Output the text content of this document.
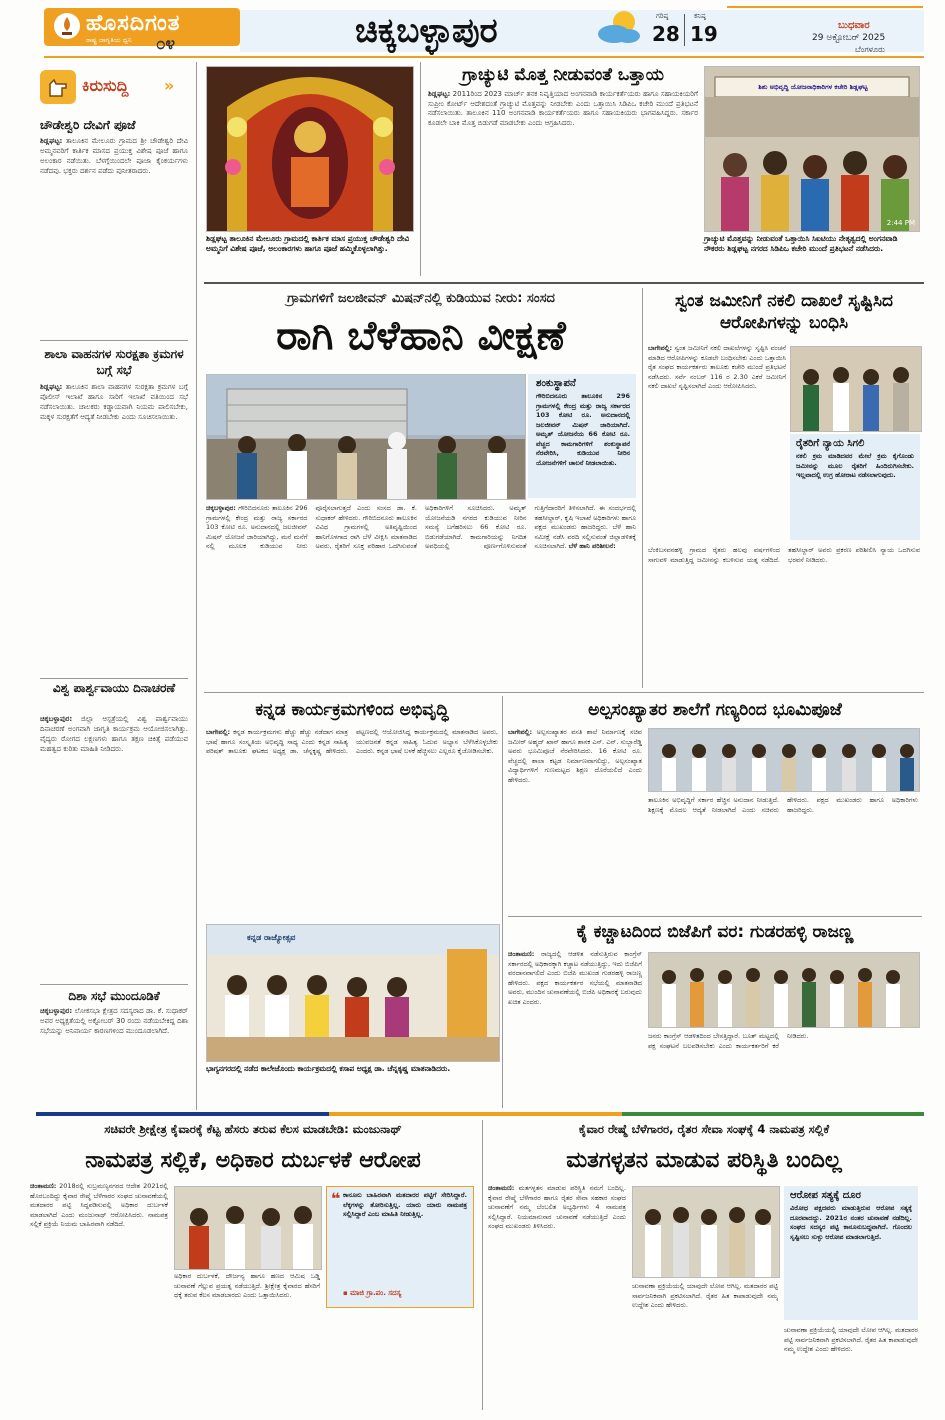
ಹೊಸದಿಗಂತ
ರಾಷ್ಟ್ರ ಜಾಗೃತಿಯ ಧ್ವನಿ ೦೪	ಚಿಕ್ಕಬಳ್ಳಾಪುರ	ಗರಿಷ್ಠ
28
ಕನಿಷ್ಠ
19	ಬುಧವಾರ
29 ಅಕ್ಟೋಬರ್ 2025
ಬೆಂಗಳೂರು
ಕಿರುಸುದ್ದಿ »
ಚೌಡೇಶ್ವರಿ ದೇವಿಗೆ ಪೂಜೆ
ಶಿಡ್ಲಘಟ್ಟ: ತಾಲೂಕಿನ ಮೇಲೂರು ಗ್ರಾಮದ ಶ್ರೀ ಚೌಡೇಶ್ವರಿ ದೇವಿ ಅಮ್ಮನವರಿಗೆ ಕಾರ್ತಿಕ ಮಾಸದ ಪ್ರಯುಕ್ತ ವಿಶೇಷ ಪೂಜೆ ಹಾಗೂ ಅಲಂಕಾರ ನಡೆಯಿತು. ಬೆಳಗ್ಗೆಯಿಂದಲೇ ಪೂಜಾ ಕೈಂಕರ್ಯಗಳು ನಡೆದವು. ಭಕ್ತರು ದರ್ಶನ ಪಡೆದು ಪುನೀತರಾದರು.
ಶಾಲಾ ವಾಹನಗಳ ಸುರಕ್ಷತಾ ಕ್ರಮಗಳ ಬಗ್ಗೆ ಸಭೆ
ಶಿಡ್ಲಘಟ್ಟ: ತಾಲೂಕಿನ ಶಾಲಾ ವಾಹನಗಳ ಸುರಕ್ಷತಾ ಕ್ರಮಗಳ ಬಗ್ಗೆ ಪೊಲೀಸ್ ಇಲಾಖೆ ಹಾಗೂ ಸಾರಿಗೆ ಇಲಾಖೆ ವತಿಯಿಂದ ಸಭೆ ನಡೆಸಲಾಯಿತು. ಚಾಲಕರು ಕಡ್ಡಾಯವಾಗಿ ನಿಯಮ ಪಾಲಿಸಬೇಕು, ಮಕ್ಕಳ ಸುರಕ್ಷತೆಗೆ ಆದ್ಯತೆ ನೀಡಬೇಕು ಎಂದು ಸೂಚಿಸಲಾಯಿತು.
ವಿಶ್ವ ಪಾರ್ಶ್ವವಾಯು ದಿನಾಚರಣೆ
ಚಿಕ್ಕಬಳ್ಳಾಪುರ: ಜಿಲ್ಲಾ ಆಸ್ಪತ್ರೆಯಲ್ಲಿ ವಿಶ್ವ ಪಾರ್ಶ್ವವಾಯು ದಿನಾಚರಣೆ ಅಂಗವಾಗಿ ಜಾಗೃತಿ ಕಾರ್ಯಕ್ರಮ ಆಯೋಜಿಸಲಾಗಿತ್ತು. ವೈದ್ಯರು ರೋಗದ ಲಕ್ಷಣಗಳು ಹಾಗೂ ತಕ್ಷಣ ಚಿಕಿತ್ಸೆ ಪಡೆಯುವ ಮಹತ್ವದ ಕುರಿತು ಮಾಹಿತಿ ನೀಡಿದರು.
ದಿಶಾ ಸಭೆ ಮುಂದೂಡಿಕೆ
ಚಿಕ್ಕಬಳ್ಳಾಪುರ: ಲೋಕಸಭಾ ಕ್ಷೇತ್ರದ ಸದಸ್ಯರಾದ ಡಾ. ಕೆ. ಸುಧಾಕರ್ ಅವರ ಅಧ್ಯಕ್ಷತೆಯಲ್ಲಿ ಅಕ್ಟೋಬರ್ 30 ರಂದು ನಡೆಯಬೇಕಿದ್ದ ದಿಶಾ ಸಭೆಯನ್ನು ಅನಿವಾರ್ಯ ಕಾರಣಗಳಿಂದ ಮುಂದೂಡಲಾಗಿದೆ.
ಶಿಡ್ಲಘಟ್ಟ ತಾಲೂಕಿನ ಮೇಲೂರು ಗ್ರಾಮದಲ್ಲಿ ಕಾರ್ತಿಕ ಮಾಸ ಪ್ರಯುಕ್ತ ಚೌಡೇಶ್ವರಿ ದೇವಿ ಅಮ್ಮನಿಗೆ ವಿಶೇಷ ಪೂಜೆ, ಅಲಂಕಾರಗಳು ಹಾಗೂ ಪೂಜೆ ಹಮ್ಮಿಕೊಳ್ಳಲಾಗಿತ್ತು.
ಗ್ರಾಚ್ಯುಟಿ ಮೊತ್ತ ನೀಡುವಂತೆ ಒತ್ತಾಯ
ಶಿಡ್ಲಘಟ್ಟ: 2011ರಿಂದ 2023 ಮಾರ್ಚ್ ತನಕ ನಿವೃತ್ತಿಯಾದ ಅಂಗನವಾಡಿ ಕಾರ್ಯಕರ್ತೆಯರು ಹಾಗೂ ಸಹಾಯಕಿಯರಿಗೆ ಸುಪ್ರೀಂ ಕೋರ್ಟ್ ಆದೇಶದಂತೆ ಗ್ರಾಚ್ಯುಟಿ ಮೊತ್ತವನ್ನು ನೀಡಬೇಕು ಎಂದು ಒತ್ತಾಯಿಸಿ ಸಿಡಿಪಿಒ ಕಚೇರಿ ಮುಂದೆ ಪ್ರತಿಭಟನೆ ನಡೆಸಲಾಯಿತು. ತಾಲೂಕಿನ 110 ಅಂಗನವಾಡಿ ಕಾರ್ಯಕರ್ತೆಯರು ಹಾಗೂ ಸಹಾಯಕಿಯರು ಭಾಗವಹಿಸಿದ್ದರು. ಸರ್ಕಾರ ಕೂಡಲೇ ಬಾಕಿ ಮೊತ್ತ ಬಿಡುಗಡೆ ಮಾಡಬೇಕು ಎಂದು ಆಗ್ರಹಿಸಿದರು.
ಶಿಶು ಅಭಿವೃದ್ಧಿ ಯೋಜನಾಧಿಕಾರಿಗಳ ಕಚೇರಿ ಶಿಡ್ಲಘಟ್ಟ
2:44 PM
ಗ್ರಾಚ್ಯುಟಿ ಮೊತ್ತವನ್ನು ನೀಡುವಂತೆ ಒತ್ತಾಯಿಸಿ ಸಿಐಟಿಯು ನೇತೃತ್ವದಲ್ಲಿ ಅಂಗನವಾಡಿ ನೌಕರರು ಶಿಡ್ಲಘಟ್ಟ ನಗರದ ಸಿಡಿಪಿಒ ಕಚೇರಿ ಮುಂದೆ ಪ್ರತಿಭಟನೆ ನಡೆಸಿದರು.
ಗ್ರಾಮಗಳಿಗೆ ಜಲಜೀವನ್ ಮಿಷನ್‌ನಲ್ಲಿ ಕುಡಿಯುವ ನೀರು: ಸಂಸದ
ರಾಗಿ ಬೆಳೆಹಾನಿ ವೀಕ್ಷಣೆ
ಶಂಕುಸ್ಥಾಪನೆ
ಗೌರಿಬಿದನೂರು ತಾಲೂಕಿನ 296 ಗ್ರಾಮಗಳಲ್ಲಿ ಕೇಂದ್ರ ಮತ್ತು ರಾಜ್ಯ ಸರ್ಕಾರದ 103 ಕೋಟಿ ರೂ. ಅನುದಾನದಲ್ಲಿ ಜಲಜೀವನ್ ಮಿಷನ್ ಜಾರಿಯಾಗಿದೆ. ಅಮೃತ್ ಯೋಜನೆಯ 66 ಕೋಟಿ ರೂ. ವೆಚ್ಚದ ಕಾಮಗಾರಿಗಳಿಗೆ ಶಂಕುಸ್ಥಾಪನೆ ನೆರವೇರಿಸಿ, ಕುಡಿಯುವ ನೀರಿನ ಯೋಜನೆಗಳಿಗೆ ಚಾಲನೆ ನೀಡಲಾಯಿತು.
ಚಿಕ್ಕಬಳ್ಳಾಪುರ: ಗೌರಿಬಿದನೂರು ತಾಲೂಕಿನ 296 ಗ್ರಾಮಗಳಲ್ಲಿ ಕೇಂದ್ರ ಮತ್ತು ರಾಜ್ಯ ಸರ್ಕಾರದ 103 ಕೋಟಿ ರೂ. ಅನುದಾನದಲ್ಲಿ ಜಲಜೀವನ್ ಮಿಷನ್ ಯೋಜನೆ ಜಾರಿಯಾಗಿದ್ದು, ಮನೆ ಮನೆಗೆ ನಲ್ಲಿ ಮೂಲಕ ಕುಡಿಯುವ ನೀರು ಪೂರೈಸಲಾಗುತ್ತದೆ ಎಂದು ಸಂಸದ ಡಾ. ಕೆ. ಸುಧಾಕರ್ ಹೇಳಿದರು. ಗೌರಿಬಿದನೂರು ತಾಲೂಕಿನ ವಿವಿಧ ಗ್ರಾಮಗಳಲ್ಲಿ ಅತಿವೃಷ್ಟಿಯಿಂದ ಹಾನಿಗೊಳಗಾದ ರಾಗಿ ಬೆಳೆ ವೀಕ್ಷಿಸಿ ಮಾತನಾಡಿದ ಅವರು, ರೈತರಿಗೆ ಸೂಕ್ತ ಪರಿಹಾರ ಒದಗಿಸುವಂತೆ ಅಧಿಕಾರಿಗಳಿಗೆ ಸೂಚಿಸಿದರು. ಅಮೃತ್ ಯೋಜನೆಯಡಿ ನಗರದ ಕುಡಿಯುವ ನೀರಿನ ಸಮಸ್ಯೆ ಬಗೆಹರಿಸಲು 66 ಕೋಟಿ ರೂ. ಬಿಡುಗಡೆಯಾಗಿದೆ. ಕಾಮಗಾರಿಯನ್ನು ನಿಗದಿತ ಅವಧಿಯಲ್ಲಿ ಪೂರ್ಣಗೊಳಿಸುವಂತೆ ಗುತ್ತಿಗೆದಾರರಿಗೆ ತಿಳಿಸಲಾಗಿದೆ. ಈ ಸಂದರ್ಭದಲ್ಲಿ ತಹಸೀಲ್ದಾರ್, ಕೃಷಿ ಇಲಾಖೆ ಅಧಿಕಾರಿಗಳು ಹಾಗೂ ಪಕ್ಷದ ಮುಖಂಡರು ಹಾಜರಿದ್ದರು. ಬೆಳೆ ಹಾನಿ ಸಮೀಕ್ಷೆ ನಡೆಸಿ ವರದಿ ಸಲ್ಲಿಸುವಂತೆ ಜಿಲ್ಲಾಡಳಿತಕ್ಕೆ ಸೂಚಿಸಲಾಗಿದೆ. ಬೆಳೆ ಹಾನಿ ಪರಿಶೀಲನೆ:
ಸ್ವಂತ ಜಮೀನಿಗೆ ನಕಲಿ ದಾಖಲೆ ಸೃಷ್ಟಿಸಿದ ಆರೋಪಿಗಳನ್ನು ಬಂಧಿಸಿ
ಬಾಗೇಪಲ್ಲಿ: ಸ್ವಂತ ಜಮೀನಿಗೆ ನಕಲಿ ದಾಖಲೆಗಳನ್ನು ಸೃಷ್ಟಿಸಿ ವಂಚನೆ ಮಾಡಿದ ಆರೋಪಿಗಳನ್ನು ಕೂಡಲೇ ಬಂಧಿಸಬೇಕು ಎಂದು ಒತ್ತಾಯಿಸಿ ರೈತ ಸಂಘದ ಕಾರ್ಯಕರ್ತರು ತಾಲೂಕು ಕಚೇರಿ ಮುಂದೆ ಪ್ರತಿಭಟನೆ ನಡೆಸಿದರು. ಸರ್ವೆ ನಂಬರ್ 116 ರ 2.30 ಎಕರೆ ಜಮೀನಿಗೆ ನಕಲಿ ದಾಖಲೆ ಸೃಷ್ಟಿಸಲಾಗಿದೆ ಎಂದು ಆರೋಪಿಸಿದರು.
ರೈತರಿಗೆ ನ್ಯಾಯ ಸಿಗಲಿ
ನಕಲಿ ಕ್ರಮ ಮಾಡಿದವರ ಮೇಲೆ ಕ್ರಮ ಕೈಗೊಂಡು ಜಮೀನನ್ನು ಮೂಲ ರೈತರಿಗೆ ಹಿಂದಿರುಗಿಸಬೇಕು. ಇಲ್ಲವಾದಲ್ಲಿ ಉಗ್ರ ಹೋರಾಟ ನಡೆಸಲಾಗುವುದು.
ಬೆಂಕಿಬಸವನಹಳ್ಳಿ ಗ್ರಾಮದ ರೈತರು ಹಲವು ವರ್ಷಗಳಿಂದ ಸಾಗುವಳಿ ಮಾಡುತ್ತಿದ್ದ ಜಮೀನನ್ನು ಕಬಳಿಸುವ ಯತ್ನ ನಡೆದಿದೆ. ತಹಸೀಲ್ದಾರ್ ಅವರು ಪ್ರಕರಣ ಪರಿಶೀಲಿಸಿ ನ್ಯಾಯ ಒದಗಿಸುವ ಭರವಸೆ ನೀಡಿದರು.
ಕನ್ನಡ ಕಾರ್ಯಕ್ರಮಗಳಿಂದ ಅಭಿವೃದ್ಧಿ
ಬಾಗೇಪಲ್ಲಿ: ಕನ್ನಡ ಕಾರ್ಯಕ್ರಮಗಳು ಹೆಚ್ಚು ಹೆಚ್ಚು ನಡೆದಾಗ ಮಾತ್ರ ಭಾಷೆ ಹಾಗೂ ಸಂಸ್ಕೃತಿಯ ಅಭಿವೃದ್ಧಿ ಸಾಧ್ಯ ಎಂದು ಕನ್ನಡ ಸಾಹಿತ್ಯ ಪರಿಷತ್ ತಾಲೂಕು ಘಟಕದ ಅಧ್ಯಕ್ಷ ಡಾ. ಚೆನ್ನಕೃಷ್ಣ ಹೇಳಿದರು. ಪಟ್ಟಣದಲ್ಲಿ ಆಯೋಜಿಸಿದ್ದ ಕಾರ್ಯಕ್ರಮದಲ್ಲಿ ಮಾತನಾಡಿದ ಅವರು, ಯುವಜನತೆ ಕನ್ನಡ ಸಾಹಿತ್ಯ ಓದುವ ಅಭ್ಯಾಸ ಬೆಳೆಸಿಕೊಳ್ಳಬೇಕು ಎಂದರು. ಕನ್ನಡ ಭಾಷೆ ಬಳಕೆ ಹೆಚ್ಚಿಸಲು ಎಲ್ಲರೂ ಕೈಜೋಡಿಸಬೇಕು.
ಕನ್ನಡ ರಾಜ್ಯೋತ್ಸವ
ಭಾಗ್ಯನಗರದಲ್ಲಿ ನಡೆದ ಕಾಲೇಜೊಂದು ಕಾರ್ಯಕ್ರಮದಲ್ಲಿ ಕಸಾಪ ಅಧ್ಯಕ್ಷ ಡಾ. ಚೆನ್ನಕೃಷ್ಣ ಮಾತನಾಡಿದರು.
ಅಲ್ಪಸಂಖ್ಯಾತರ ಶಾಲೆಗೆ ಗಣ್ಯರಿಂದ ಭೂಮಿಪೂಜೆ
ಬಾಗೇಪಲ್ಲಿ: ಅಲ್ಪಸಂಖ್ಯಾತರ ವಸತಿ ಶಾಲೆ ನಿರ್ಮಾಣಕ್ಕೆ ಸಚಿವ ಜಮೀರ್ ಅಹ್ಮದ್ ಖಾನ್ ಹಾಗೂ ಶಾಸಕ ಎಸ್. ಎನ್. ಸುಬ್ಬಾರೆಡ್ಡಿ ಅವರು ಭೂಮಿಪೂಜೆ ನೆರವೇರಿಸಿದರು. 16 ಕೋಟಿ ರೂ. ವೆಚ್ಚದಲ್ಲಿ ಶಾಲಾ ಕಟ್ಟಡ ನಿರ್ಮಾಣವಾಗಲಿದ್ದು, ಅಲ್ಪಸಂಖ್ಯಾತ ವಿದ್ಯಾರ್ಥಿಗಳಿಗೆ ಗುಣಮಟ್ಟದ ಶಿಕ್ಷಣ ದೊರೆಯಲಿದೆ ಎಂದು ಹೇಳಿದರು.
ತಾಲೂಕಿನ ಅಭಿವೃದ್ಧಿಗೆ ಸರ್ಕಾರ ಹೆಚ್ಚಿನ ಅನುದಾನ ನೀಡುತ್ತಿದೆ. ಶಿಕ್ಷಣಕ್ಕೆ ಮೊದಲ ಆದ್ಯತೆ ನೀಡಲಾಗಿದೆ ಎಂದು ಸಚಿವರು ಹೇಳಿದರು. ಪಕ್ಷದ ಮುಖಂಡರು ಹಾಗೂ ಅಧಿಕಾರಿಗಳು ಹಾಜರಿದ್ದರು.
ಕೈ ಕಚ್ಚಾಟದಿಂದ ಬಿಜೆಪಿಗೆ ವರ: ಗುಡರಹಳ್ಳಿ ರಾಜಣ್ಣ
ಚಿಂತಾಮಣಿ: ರಾಜ್ಯದಲ್ಲಿ ಆಡಳಿತ ನಡೆಸುತ್ತಿರುವ ಕಾಂಗ್ರೆಸ್ ಸರ್ಕಾರದಲ್ಲಿ ಅಧಿಕಾರಕ್ಕಾಗಿ ಕಚ್ಚಾಟ ನಡೆಯುತ್ತಿದ್ದು, ಇದು ಬಿಜೆಪಿಗೆ ವರದಾನವಾಗಲಿದೆ ಎಂದು ಬಿಜೆಪಿ ಮುಖಂಡ ಗುಡರಹಳ್ಳಿ ರಾಜಣ್ಣ ಹೇಳಿದರು. ಪಕ್ಷದ ಕಾರ್ಯಕರ್ತರ ಸಭೆಯಲ್ಲಿ ಮಾತನಾಡಿದ ಅವರು, ಮುಂದಿನ ಚುನಾವಣೆಯಲ್ಲಿ ಬಿಜೆಪಿ ಅಧಿಕಾರಕ್ಕೆ ಬರುವುದು ಖಚಿತ ಎಂದರು.
ಜನರು ಕಾಂಗ್ರೆಸ್ ಆಡಳಿತದಿಂದ ಬೇಸತ್ತಿದ್ದಾರೆ. ಬೂತ್ ಮಟ್ಟದಲ್ಲಿ ಪಕ್ಷ ಸಂಘಟನೆ ಬಲಪಡಿಸಬೇಕು ಎಂದು ಕಾರ್ಯಕರ್ತರಿಗೆ ಕರೆ ನೀಡಿದರು.
ಸಚಿವರೇ ಶ್ರೀಕ್ಷೇತ್ರ ಕೈವಾರಕ್ಕೆ ಕೆಟ್ಟ ಹೆಸರು ತರುವ ಕೆಲಸ ಮಾಡಬೇಡಿ: ಮಂಜುನಾಥ್
ನಾಮಪತ್ರ ಸಲ್ಲಿಕೆ, ಅಧಿಕಾರ ದುರ್ಬಳಕೆ ಆರೋಪ
ಚಿಂತಾಮಣಿ: 2018ರಲ್ಲಿ ಸುಬ್ರಮಣ್ಯನಗರದ ಆದೇಶ 2021ರಲ್ಲಿ ಹೊರಬಂದಿದ್ದು ಕೈವಾರ ರೇಷ್ಮೆ ಬೆಳೆಗಾರರ ಸಂಘದ ಚುನಾವಣೆಯಲ್ಲಿ ಮತದಾರರ ಪಟ್ಟಿ ಸಿದ್ಧಪಡಿಸುವಲ್ಲಿ ಅಧಿಕಾರ ದುರ್ಬಳಕೆ ಮಾಡಲಾಗಿದೆ ಎಂದು ಮಂಜುನಾಥ್ ಆರೋಪಿಸಿದರು. ನಾಮಪತ್ರ ಸಲ್ಲಿಕೆ ಪ್ರಕ್ರಿಯೆ ನಿಯಮ ಬಾಹಿರವಾಗಿ ನಡೆದಿದೆ.
❝ ಕಾನೂನು ಬಾಹಿರವಾಗಿ ಮತದಾರರ ಪಟ್ಟಿಗೆ ಸೇರಿಸಿದ್ದಾರೆ. ಲೆಕ್ಕಗಳನ್ನು ತೋರಿಸುತ್ತಿಲ್ಲ. ಯಾರು ಯಾರು ನಾಮಪತ್ರ ಸಲ್ಲಿಸಿದ್ದಾರೆ ಎಂಬ ಮಾಹಿತಿ ನೀಡುತ್ತಿಲ್ಲ.
▪ ಮಾಜಿ ಗ್ರಾ.ಪಂ. ಸದಸ್ಯ
ಅಧಿಕಾರ ದುರ್ಬಳಕೆ, ದೌರ್ಜನ್ಯ ಹಾಗೂ ಹಣದ ಆಮಿಷ ಒಡ್ಡಿ ಚುನಾವಣೆ ಗೆಲ್ಲುವ ಪ್ರಯತ್ನ ನಡೆಯುತ್ತಿದೆ. ಶ್ರೀಕ್ಷೇತ್ರ ಕೈವಾರದ ಹೆಸರಿಗೆ ಧಕ್ಕೆ ತರುವ ಕೆಲಸ ಮಾಡಬಾರದು ಎಂದು ಒತ್ತಾಯಿಸಿದರು.
ಕೈವಾರ ರೇಷ್ಮೆ ಬೆಳೆಗಾರರ, ರೈತರ ಸೇವಾ ಸಂಘಕ್ಕೆ 4 ನಾಮಪತ್ರ ಸಲ್ಲಿಕೆ
ಮತಗಳ್ಳತನ ಮಾಡುವ ಪರಿಸ್ಥಿತಿ ಬಂದಿಲ್ಲ
ಚಿಂತಾಮಣಿ: ಮತಗಳ್ಳತನ ಮಾಡುವ ಪರಿಸ್ಥಿತಿ ನಮಗೆ ಬಂದಿಲ್ಲ. ಕೈವಾರ ರೇಷ್ಮೆ ಬೆಳೆಗಾರರ ಹಾಗೂ ರೈತರ ಸೇವಾ ಸಹಕಾರ ಸಂಘದ ಚುನಾವಣೆಗೆ ನಮ್ಮ ಬೆಂಬಲಿತ ಅಭ್ಯರ್ಥಿಗಳು 4 ನಾಮಪತ್ರ ಸಲ್ಲಿಸಿದ್ದಾರೆ. ನಿಯಮಾನುಸಾರ ಚುನಾವಣೆ ನಡೆಯುತ್ತಿದೆ ಎಂದು ಸಂಘದ ಮುಖಂಡರು ತಿಳಿಸಿದರು.
ಆರೋಪ ಸತ್ಯಕ್ಕೆ ದೂರ
ವಿರೋಧ ಪಕ್ಷದವರು ಮಾಡುತ್ತಿರುವ ಆರೋಪ ಸತ್ಯಕ್ಕೆ ದೂರವಾದದ್ದು. 2021ರ ನಂತರ ಚುನಾವಣೆ ನಡೆದಿಲ್ಲ. ಸಂಘದ ಸದಸ್ಯರ ಪಟ್ಟಿ ಕಾನೂನುಬದ್ಧವಾಗಿದೆ. ಗೊಂದಲ ಸೃಷ್ಟಿಸಲು ಸುಳ್ಳು ಆರೋಪ ಮಾಡಲಾಗುತ್ತಿದೆ.
ಚುನಾವಣಾ ಪ್ರಕ್ರಿಯೆಯಲ್ಲಿ ಯಾವುದೇ ಲೋಪ ಆಗಿಲ್ಲ. ಮತದಾರರ ಪಟ್ಟಿ ಸಾರ್ವಜನಿಕವಾಗಿ ಪ್ರಕಟಿಸಲಾಗಿದೆ. ರೈತರ ಹಿತ ಕಾಪಾಡುವುದೇ ನಮ್ಮ ಉದ್ದೇಶ ಎಂದು ಹೇಳಿದರು.
ಚುನಾವಣಾ ಪ್ರಕ್ರಿಯೆಯಲ್ಲಿ ಯಾವುದೇ ಲೋಪ ಆಗಿಲ್ಲ. ಮತದಾರರ ಪಟ್ಟಿ ಸಾರ್ವಜನಿಕವಾಗಿ ಪ್ರಕಟಿಸಲಾಗಿದೆ. ರೈತರ ಹಿತ ಕಾಪಾಡುವುದೇ ನಮ್ಮ ಉದ್ದೇಶ ಎಂದು ಹೇಳಿದರು.
